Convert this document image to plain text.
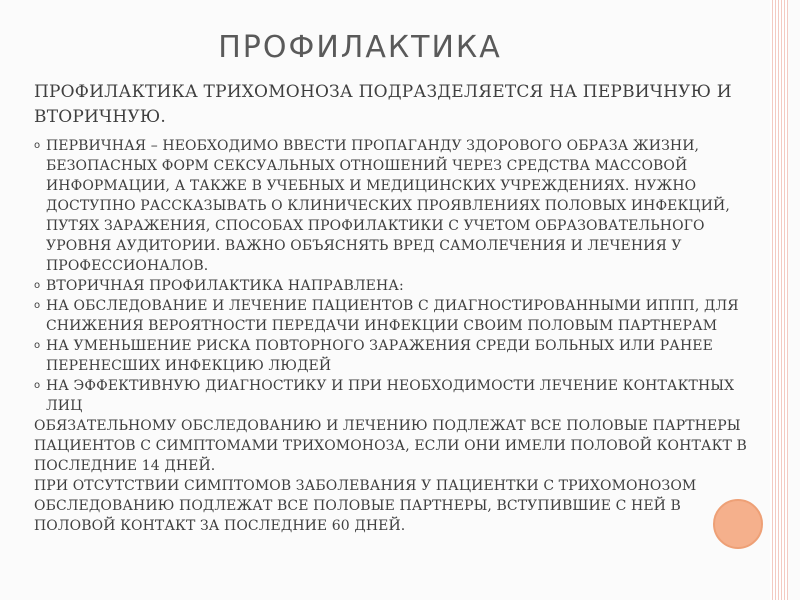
ПРОФИЛАКТИКА

ПРОФИЛАКТИКА ТРИХОМОНОЗА ПОДРАЗДЕЛЯЕТСЯ НА ПЕРВИЧНУЮ И ВТОРИЧНУЮ.

o ПЕРВИЧНАЯ – НЕОБХОДИМО ВВЕСТИ ПРОПАГАНДУ ЗДОРОВОГО ОБРАЗА ЖИЗНИ, БЕЗОПАСНЫХ ФОРМ СЕКСУАЛЬНЫХ ОТНОШЕНИЙ ЧЕРЕЗ СРЕДСТВА МАССОВОЙ ИНФОРМАЦИИ, А ТАКЖЕ В УЧЕБНЫХ И МЕДИЦИНСКИХ УЧРЕЖДЕНИЯХ. НУЖНО ДОСТУПНО РАССКАЗЫВАТЬ О КЛИНИЧЕСКИХ ПРОЯВЛЕНИЯХ ПОЛОВЫХ ИНФЕКЦИЙ, ПУТЯХ ЗАРАЖЕНИЯ, СПОСОБАХ ПРОФИЛАКТИКИ С УЧЕТОМ ОБРАЗОВАТЕЛЬНОГО УРОВНЯ АУДИТОРИИ. ВАЖНО ОБЪЯСНЯТЬ ВРЕД САМОЛЕЧЕНИЯ И ЛЕЧЕНИЯ У ПРОФЕССИОНАЛОВ.

o ВТОРИЧНАЯ ПРОФИЛАКТИКА НАПРАВЛЕНА:

o НА ОБСЛЕДОВАНИЕ И ЛЕЧЕНИЕ ПАЦИЕНТОВ С ДИАГНОСТИРОВАННЫМИ ИППП, ДЛЯ СНИЖЕНИЯ ВЕРОЯТНОСТИ ПЕРЕДАЧИ ИНФЕКЦИИ СВОИМ ПОЛОВЫМ ПАРТНЕРАМ

o НА УМЕНЬШЕНИЕ РИСКА ПОВТОРНОГО ЗАРАЖЕНИЯ СРЕДИ БОЛЬНЫХ ИЛИ РАНЕЕ ПЕРЕНЕСШИХ ИНФЕКЦИЮ ЛЮДЕЙ

o НА ЭФФЕКТИВНУЮ ДИАГНОСТИКУ И ПРИ НЕОБХОДИМОСТИ ЛЕЧЕНИЕ КОНТАКТНЫХ ЛИЦ

ОБЯЗАТЕЛЬНОМУ ОБСЛЕДОВАНИЮ И ЛЕЧЕНИЮ ПОДЛЕЖАТ ВСЕ ПОЛОВЫЕ ПАРТНЕРЫ ПАЦИЕНТОВ С СИМПТОМАМИ ТРИХОМОНОЗА, ЕСЛИ ОНИ ИМЕЛИ ПОЛОВОЙ КОНТАКТ В ПОСЛЕДНИЕ 14 ДНЕЙ.

ПРИ ОТСУТСТВИИ СИМПТОМОВ ЗАБОЛЕВАНИЯ У ПАЦИЕНТКИ С ТРИХОМОНОЗОМ ОБСЛЕДОВАНИЮ ПОДЛЕЖАТ ВСЕ ПОЛОВЫЕ ПАРТНЕРЫ, ВСТУПИВШИЕ С НЕЙ В ПОЛОВОЙ КОНТАКТ ЗА ПОСЛЕДНИЕ 60 ДНЕЙ.
